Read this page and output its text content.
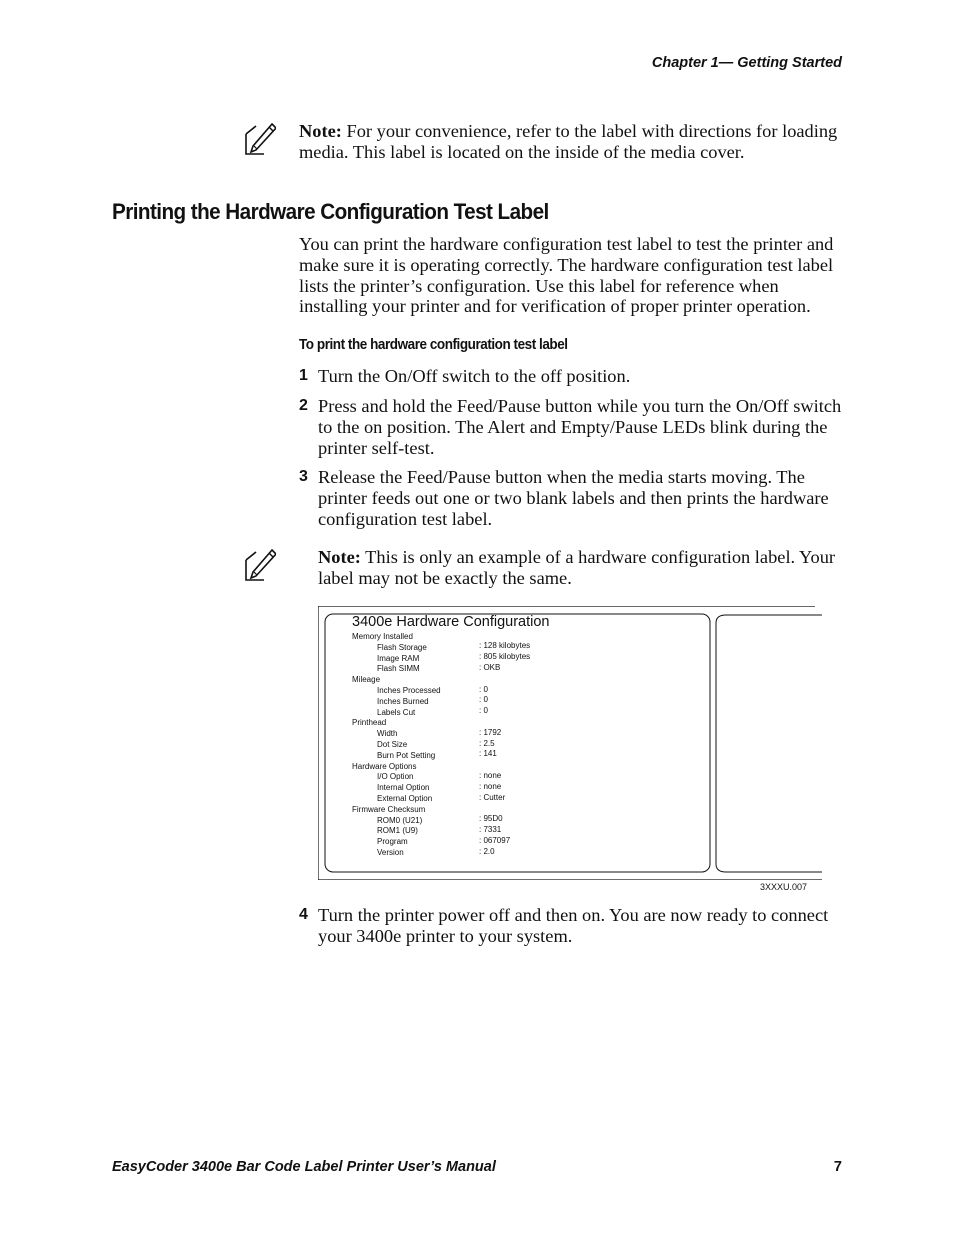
Chapter 1— Getting Started
Note: For your convenience, refer to the label with directions for loading media. This label is located on the inside of the media cover.
Printing the Hardware Configuration Test Label
You can print the hardware configuration test label to test the printer and make sure it is operating correctly. The hardware configuration test label lists the printer’s configuration. Use this label for reference when installing your printer and for verification of proper printer operation.
To print the hardware configuration test label
1 Turn the On/Off switch to the off position.
2 Press and hold the Feed/Pause button while you turn the On/Off switch to the on position. The Alert and Empty/Pause LEDs blink during the printer self-test.
3 Release the Feed/Pause button when the media starts moving. The printer feeds out one or two blank labels and then prints the hardware configuration test label.
Note: This is only an example of a hardware configuration label. Your label may not be exactly the same.
3400e Hardware Configuration
Memory Installed
Flash Storage	: 128 kilobytes
Image RAM	: 805 kilobytes
Flash SIMM	: OKB
Mileage
Inches Processed	: 0
Inches Burned	: 0
Labels Cut	: 0
Printhead
Width	: 1792
Dot Size	: 2.5
Burn Pot Setting	: 141
Hardware Options
I/O Option	: none
Internal Option	: none
External Option	: Cutter
Firmware Checksum
ROM0 (U21)	: 95D0
ROM1 (U9)	: 7331
Program	: 067097
Version	: 2.0
3XXXU.007
4 Turn the printer power off and then on. You are now ready to connect your 3400e printer to your system.
EasyCoder 3400e Bar Code Label Printer User’s Manual	7
